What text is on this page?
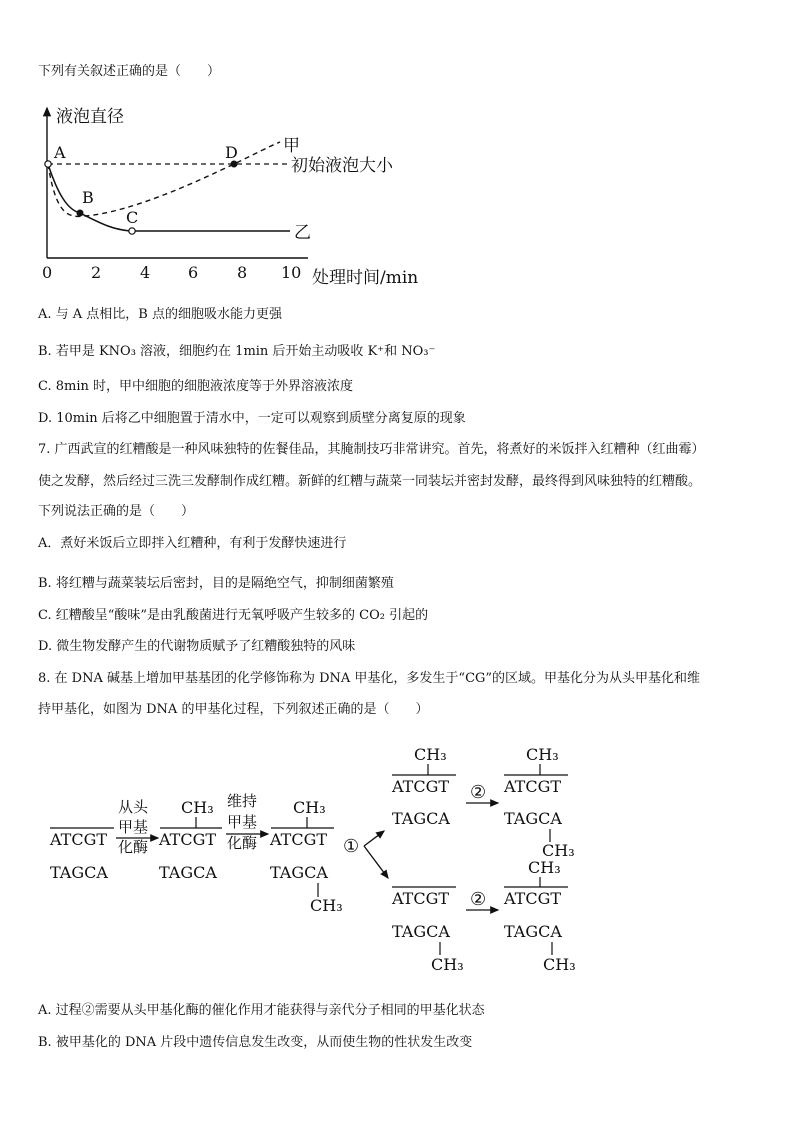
下列有关叙述正确的是（　　）
液泡直径
处理时间/min
0 2 4 6 8 10
初始液泡大小
甲
乙
A
B
C
D
ATCGT
TAGCA
从头
甲基
化酶
CH₃
ATCGT
TAGCA
维持
甲基
化酶
CH₃
ATCGT
TAGCA
CH₃
①
CH₃
ATCGT
TAGCA
②
CH₃
ATCGT
TAGCA
CH₃
ATCGT
TAGCA
CH₃
②
CH₃
ATCGT
TAGCA
CH₃
A. 与 A 点相比，B 点的细胞吸水能力更强
B. 若甲是 KNO₃ 溶液，细胞约在 1min 后开始主动吸收 K⁺和 NO₃⁻
C. 8min 时，甲中细胞的细胞液浓度等于外界溶液浓度
D. 10min 后将乙中细胞置于清水中，一定可以观察到质壁分离复原的现象
7. 广西武宣的红糟酸是一种风味独特的佐餐佳品，其腌制技巧非常讲究。首先，将煮好的米饭拌入红糟种（红曲霉）
使之发酵，然后经过三洗三发酵制作成红糟。新鲜的红糟与蔬菜一同装坛并密封发酵，最终得到风味独特的红糟酸。
下列说法正确的是（　　）
A．煮好米饭后立即拌入红糟种，有利于发酵快速进行
B. 将红糟与蔬菜装坛后密封，目的是隔绝空气，抑制细菌繁殖
C. 红糟酸呈“酸味”是由乳酸菌进行无氧呼吸产生较多的 CO₂ 引起的
D. 微生物发酵产生的代谢物质赋予了红糟酸独特的风味
8. 在 DNA 碱基上增加甲基基团的化学修饰称为 DNA 甲基化，多发生于“CG”的区域。甲基化分为从头甲基化和维
持甲基化，如图为 DNA 的甲基化过程，下列叙述正确的是（　　）
A. 过程②需要从头甲基化酶的催化作用才能获得与亲代分子相同的甲基化状态
B. 被甲基化的 DNA 片段中遗传信息发生改变，从而使生物的性状发生改变
